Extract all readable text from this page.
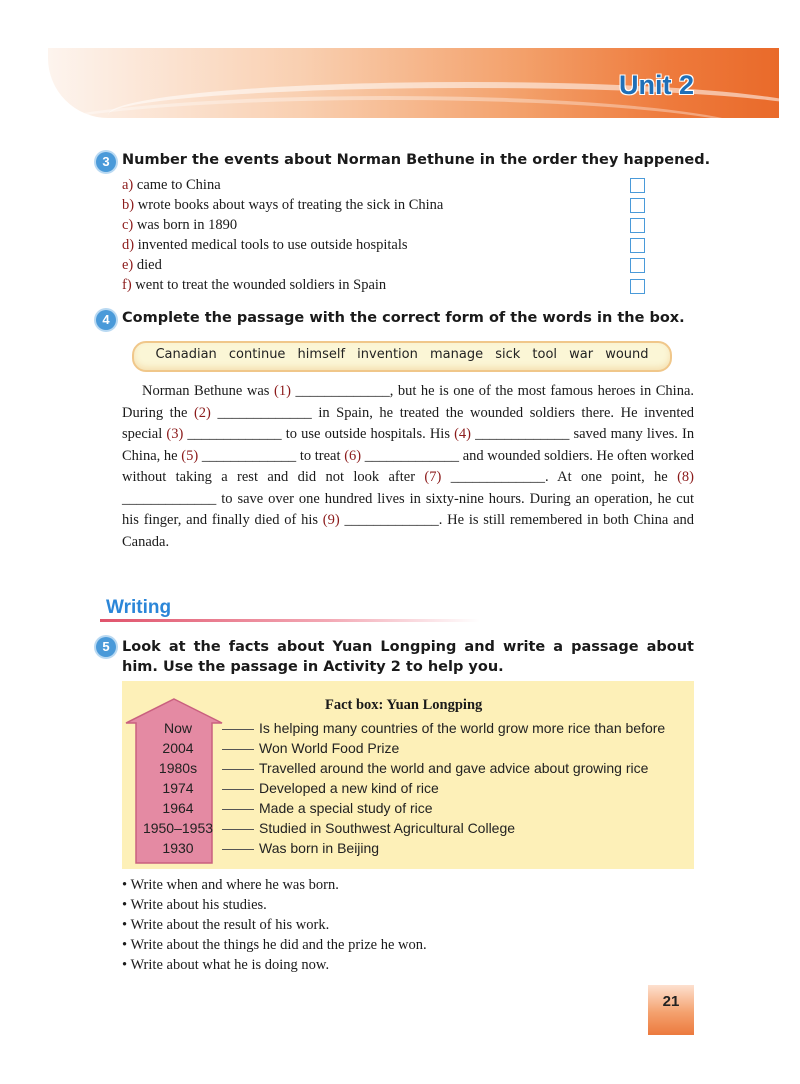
Unit 2
3 Number the events about Norman Bethune in the order they happened.
a) came to China
b) wrote books about ways of treating the sick in China
c) was born in 1890
d) invented medical tools to use outside hospitals
e) died
f) went to treat the wounded soldiers in Spain
4 Complete the passage with the correct form of the words in the box.
Canadian continue himself invention manage sick tool war wound
Norman Bethune was (1) _____________, but he is one of the most famous heroes in China. During the (2) _____________ in Spain, he treated the wounded soldiers there. He invented special (3) _____________ to use outside hospitals. His (4) _____________ saved many lives. In China, he (5) _____________ to treat (6) _____________ and wounded soldiers. He often worked without taking a rest and did not look after (7) _____________. At one point, he (8) _____________ to save over one hundred lives in sixty-nine hours. During an operation, he cut his finger, and finally died of his (9) _____________. He is still remembered in both China and Canada.
Writing
5 Look at the facts about Yuan Longping and write a passage about him. Use the passage in Activity 2 to help you.
Fact box: Yuan Longping
Now	Is helping many countries of the world grow more rice than before
2004	Won World Food Prize
1980s	Travelled around the world and gave advice about growing rice
1974	Developed a new kind of rice
1964	Made a special study of rice
1950–1953	Studied in Southwest Agricultural College
1930	Was born in Beijing
• Write when and where he was born.
• Write about his studies.
• Write about the result of his work.
• Write about the things he did and the prize he won.
• Write about what he is doing now.
21
